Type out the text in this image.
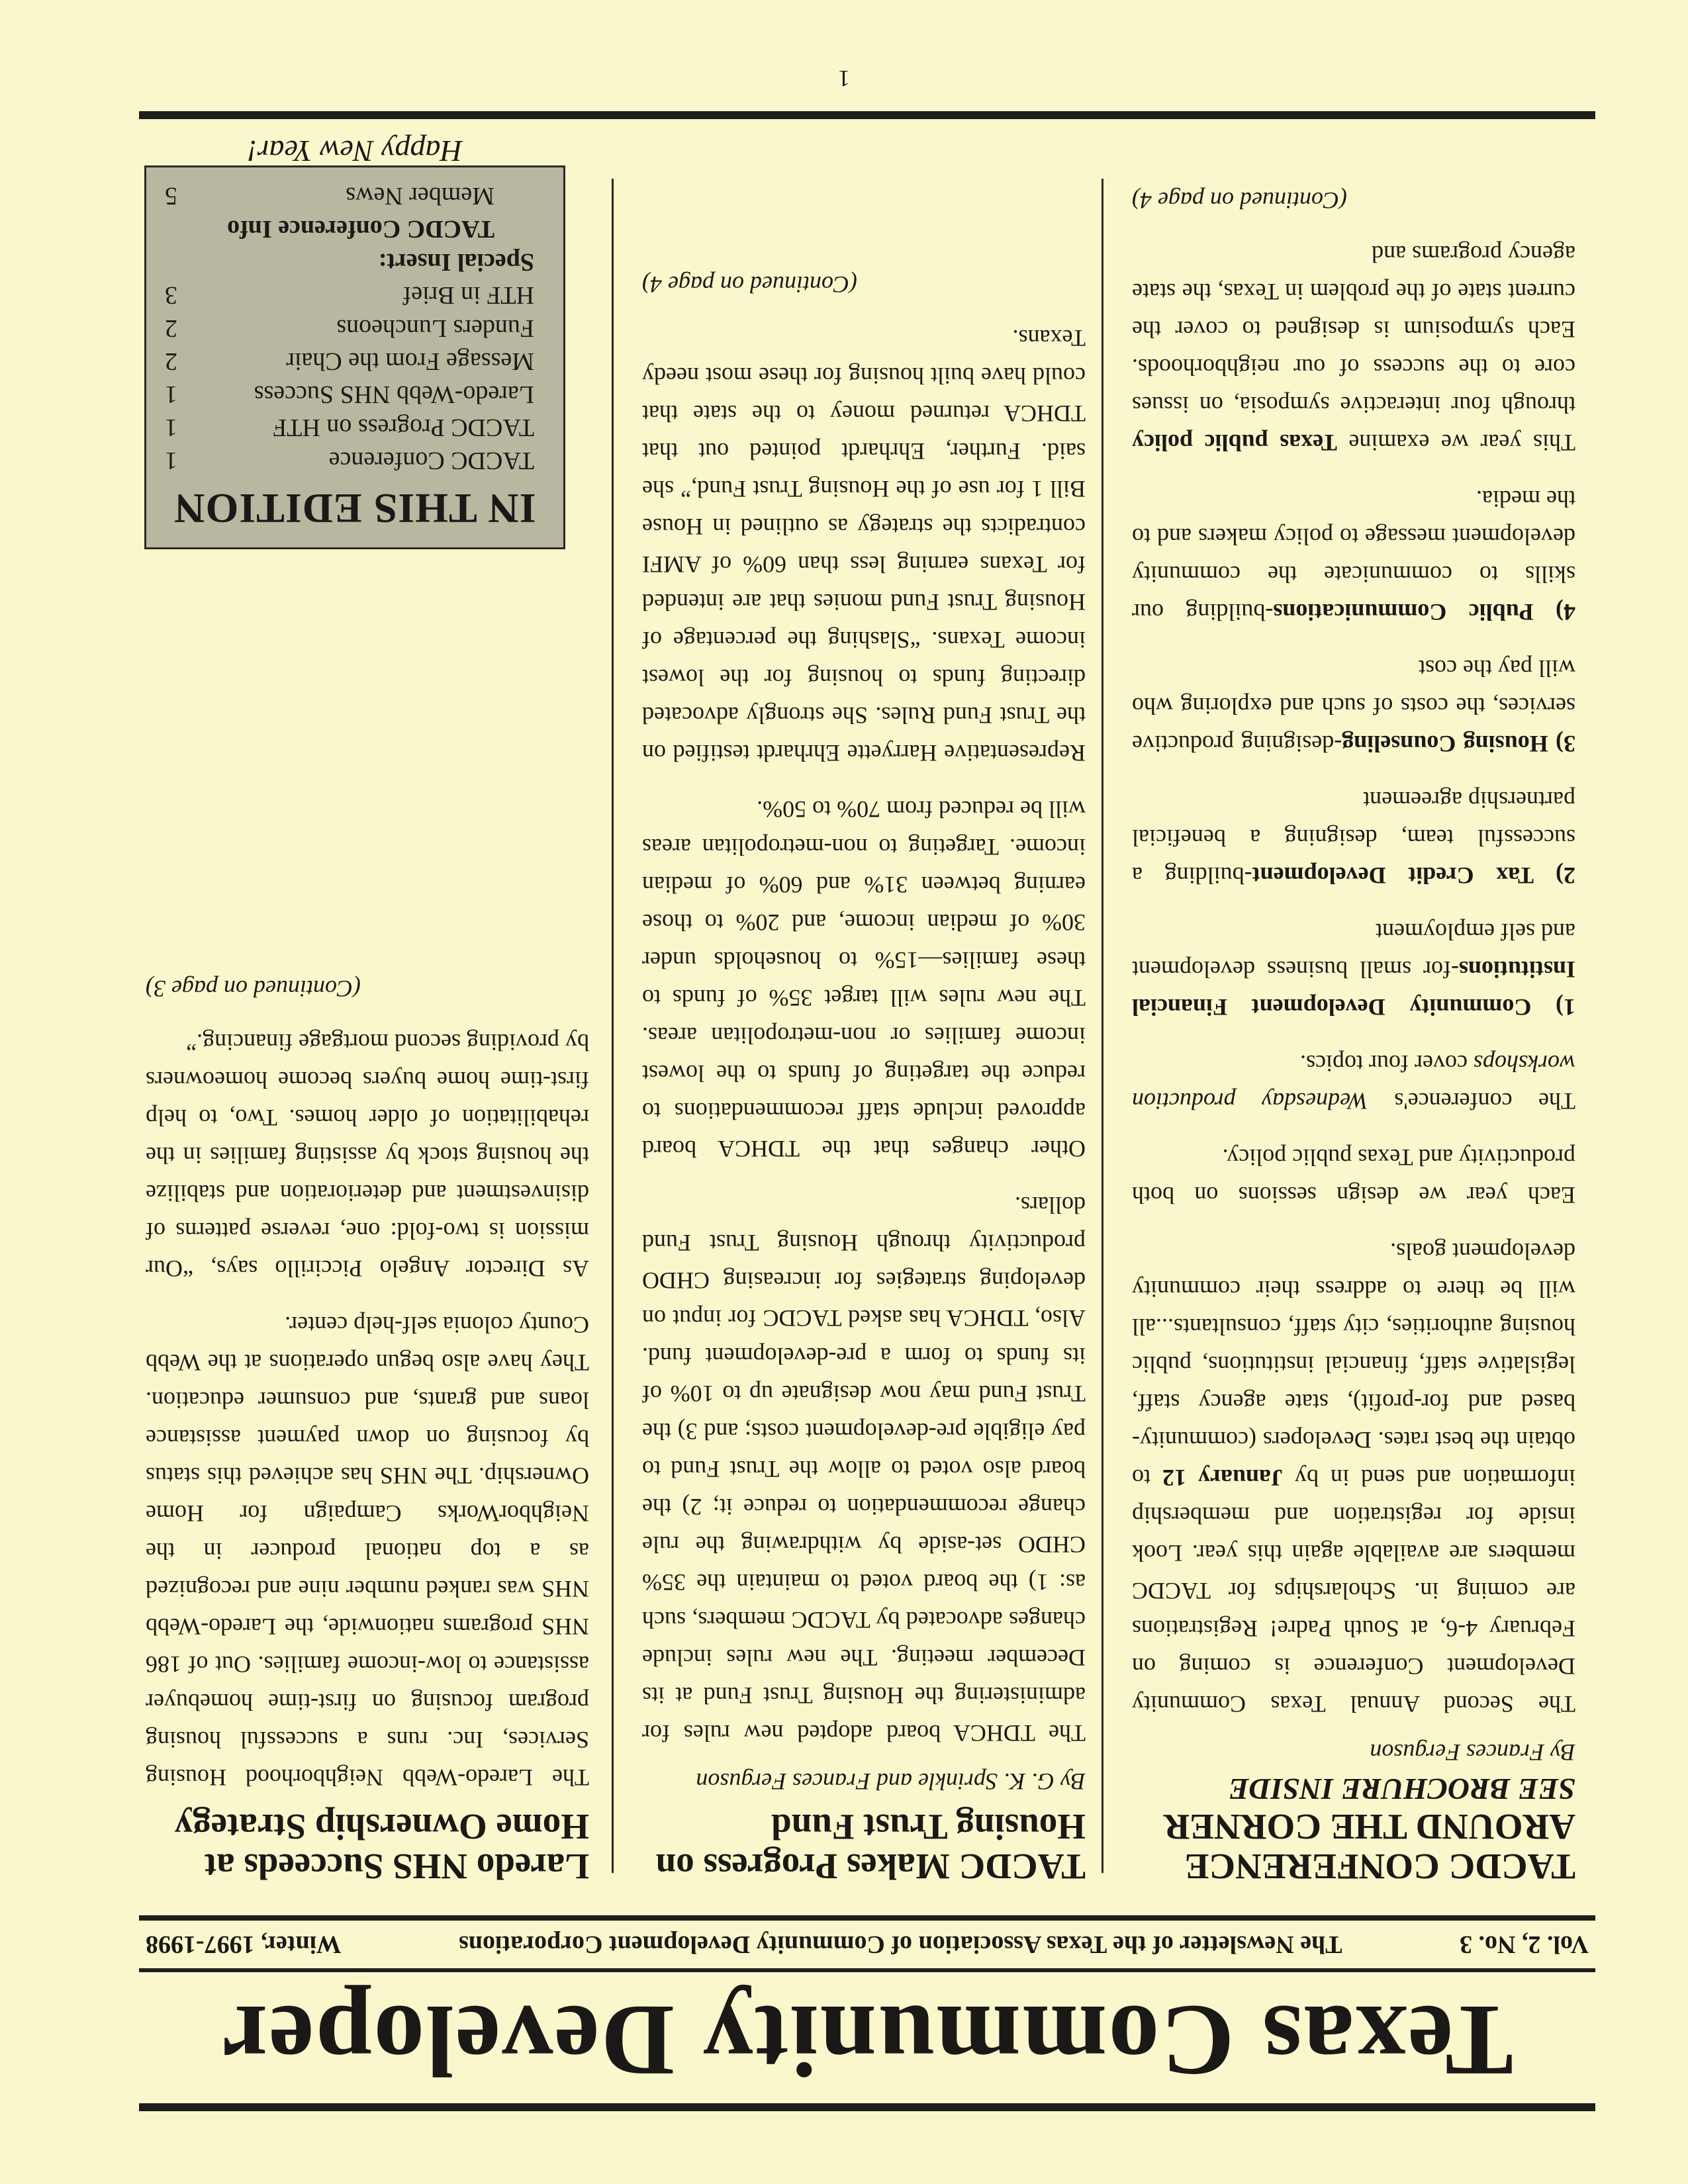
Texas Community Developer
Vol. 2, No. 3
The Newsletter of the Texas Association of Community Development Corporations
Winter, 1997-1998
TACDC CONFERENCE AROUND THE CORNER
SEE BROCHURE INSIDE

By Frances Ferguson

The Second Annual Texas Community Development Conference is coming on February 4-6, at South Padre! Registrations are coming in. Scholarships for TACDC members are available again this year. Look inside for registration and membership information and send in by January 12 to obtain the best rates. Developers (community-based and for-profit), state agency staff, legislative staff, financial institutions, public housing authorities, city staff, consultants...all will be there to address their community development goals.

Each year we design sessions on both productivity and Texas public policy.

The conference's Wednesday production workshops cover four topics.

1) Community Development Financial Institutions-for small business development and self employment

2) Tax Credit Development-building a successful team, designing a beneficial partnership agreement

3) Housing Counseling-designing productive services, the costs of such and exploring who will pay the cost

4) Public Communications-building our skills to communicate the community development message to policy makers and to the media.

This year we examine Texas public policy through four interactive symposia, on issues core to the success of our neighborhoods. Each symposium is designed to cover the current state of the problem in Texas, the state agency programs and

(Continued on page 4)

TACDC Makes Progress on Housing Trust Fund

By G. K. Sprinkle and Frances Ferguson

The TDHCA board adopted new rules for administering the Housing Trust Fund at its December meeting. The new rules include changes advocated by TACDC members, such as: 1) the board voted to maintain the 35% CHDO set-aside by withdrawing the rule change recommendation to reduce it; 2) the board also voted to allow the Trust Fund to pay eligible pre-development costs; and 3) the Trust Fund may now designate up to 10% of its funds to form a pre-development fund. Also, TDHCA has asked TACDC for input on developing strategies for increasing CHDO productivity through Housing Trust Fund dollars.

Other changes that the TDHCA board approved include staff recommendations to reduce the targeting of funds to the lowest income families or non-metropolitan areas. The new rules will target 35% of funds to these families—15% to households under 30% of median income, and 20% to those earning between 31% and 60% of median income. Targeting to non-metropolitan areas will be reduced from 70% to 50%.

Representative Harryette Ehrhardt testified on the Trust Fund Rules. She strongly advocated directing funds to housing for the lowest income Texans. “Slashing the percentage of Housing Trust Fund monies that are intended for Texans earning less than 60% of AMFI contradicts the strategy as outlined in House Bill 1 for use of the Housing Trust Fund,” she said. Further, Ehrhardt pointed out that TDHCA returned money to the state that could have built housing for these most needy Texans.

(Continued on page 4)

Laredo NHS Succeeds at Home Ownership Strategy

The Laredo-Webb Neighborhood Housing Services, Inc. runs a successful housing program focusing on first-time homebuyer assistance to low-income families. Out of 186 NHS programs nationwide, the Laredo-Webb NHS was ranked number nine and recognized as a top national producer in the NeighborWorks Campaign for Home Ownership. The NHS has achieved this status by focusing on down payment assistance loans and grants, and consumer education. They have also begun operations at the Webb County colonia self-help center.

As Director Angelo Piccirillo says, “Our mission is two-fold: one, reverse patterns of disinvestment and deterioration and stabilize the housing stock by assisting families in the rehabilitation of older homes. Two, to help first-time home buyers become homeowners by providing second mortgage financing.”

(Continued on page 3)

IN THIS EDITION
TACDC Conference
1
TACDC Progress on HTF
1
Laredo-Webb NHS Success
1
Message From the Chair
2
Funders Luncheons
2
HTF in Brief
3
Special Insert:
TACDC Conference Info
Member News
5
Happy New Year!
1
